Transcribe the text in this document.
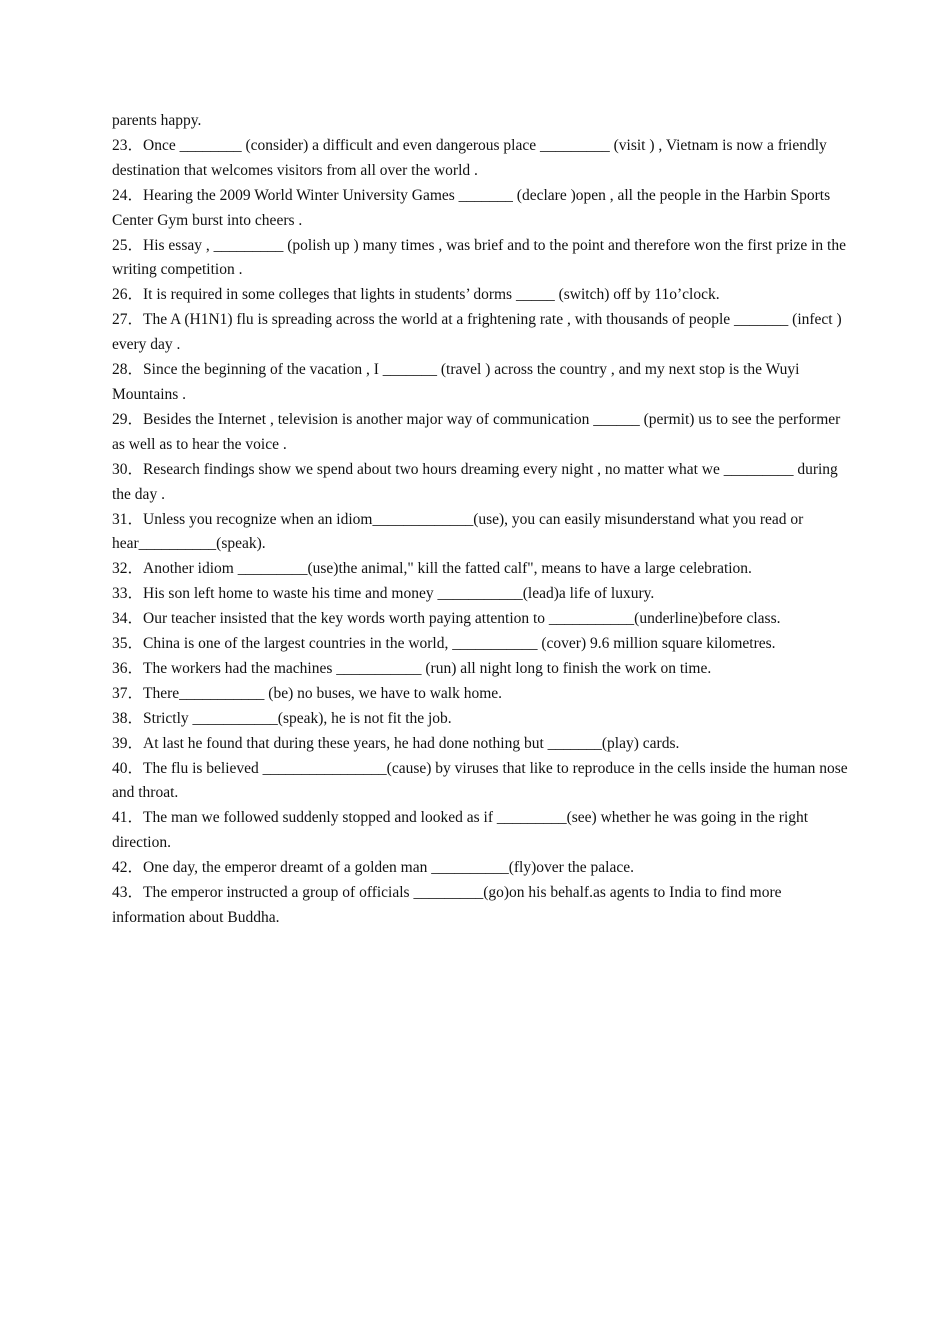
parents happy.

23．Once ________ (consider) a difficult and even dangerous place _________ (visit ) , Vietnam is now a friendly destination that welcomes visitors from all over the world .

24．Hearing the 2009 World Winter University Games _______ (declare )open , all the people in the Harbin Sports Center Gym burst into cheers .

25．His essay , _________ (polish up ) many times , was brief and to the point and therefore won the first prize in the writing competition .

26．It is required in some colleges that lights in students’ dorms _____ (switch) off by 11o’clock.

27．The A (H1N1) flu is spreading across the world at a frightening rate , with thousands of people _______ (infect ) every day .

28．Since the beginning of the vacation , I _______ (travel ) across the country , and my next stop is the Wuyi Mountains .

29．Besides the Internet , television is another major way of communication ______ (permit) us to see the performer as well as to hear the voice .

30．Research findings show we spend about two hours dreaming every night , no matter what we _________ during the day .

31．Unless you recognize when an idiom_____________(use), you can easily misunderstand what you read or hear__________(speak).

32．Another idiom _________(use)the animal," kill the fatted calf", means to have a large celebration.

33．His son left home to waste his time and money ___________(lead)a life of luxury.

34．Our teacher insisted that the key words worth paying attention to ___________(underline)before class.

35．China is one of the largest countries in the world, ___________ (cover) 9.6 million square kilometres.

36．The workers had the machines ___________ (run) all night long to finish the work on time.

37．There___________ (be) no buses, we have to walk home.

38．Strictly ___________(speak), he is not fit the job.

39．At last he found that during these years, he had done nothing but _______(play) cards.

40．The flu is believed ________________(cause) by viruses that like to reproduce in the cells inside the human nose and throat.

41．The man we followed suddenly stopped and looked as if _________(see) whether he was going in the right direction.

42．One day, the emperor dreamt of a golden man __________(fly)over the palace.

43．The emperor instructed a group of officials _________(go)on his behalf.as agents to India to find more information about Buddha.
